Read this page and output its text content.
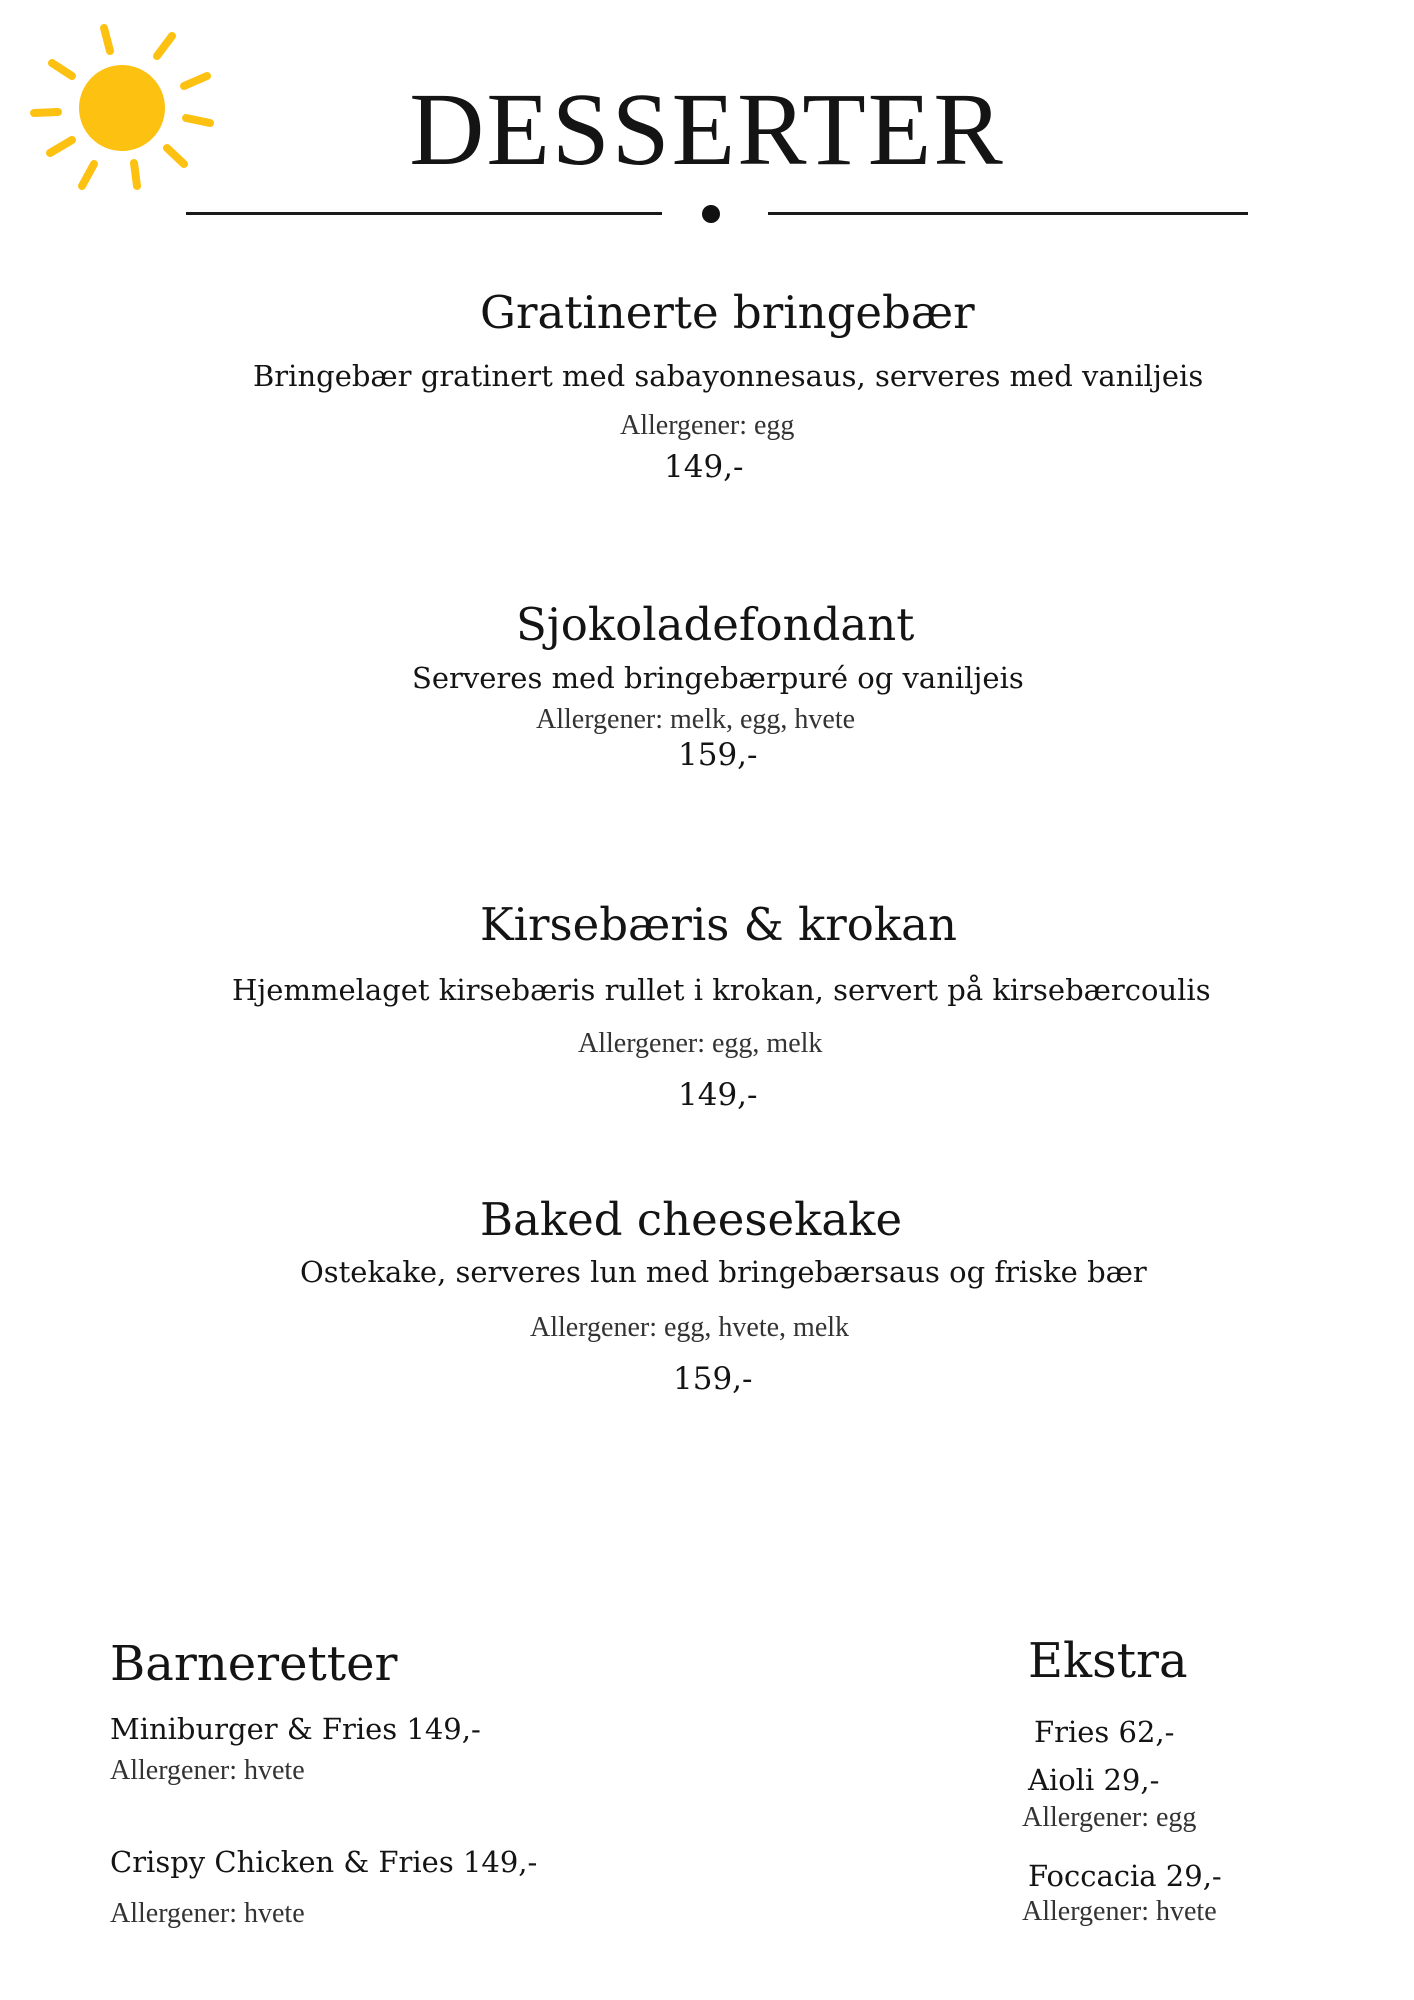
DESSERTER
Gratinerte bringebær
Bringebær gratinert med sabayonnesaus, serveres med vaniljeis
Allergener: egg
149,-
Sjokoladefondant
Serveres med bringebærpuré og vaniljeis
Allergener: melk, egg, hvete
159,-
Kirsebæris & krokan
Hjemmelaget kirsebæris rullet i krokan, servert på kirsebærcoulis
Allergener: egg, melk
149,-
Baked cheesekake
Ostekake, serveres lun med bringebærsaus og friske bær
Allergener: egg, hvete, melk
159,-
Barneretter
Miniburger & Fries 149,-
Allergener: hvete
Crispy Chicken & Fries 149,-
Allergener: hvete
Ekstra
Fries 62,-
Aioli 29,-
Allergener: egg
Foccacia 29,-
Allergener: hvete
